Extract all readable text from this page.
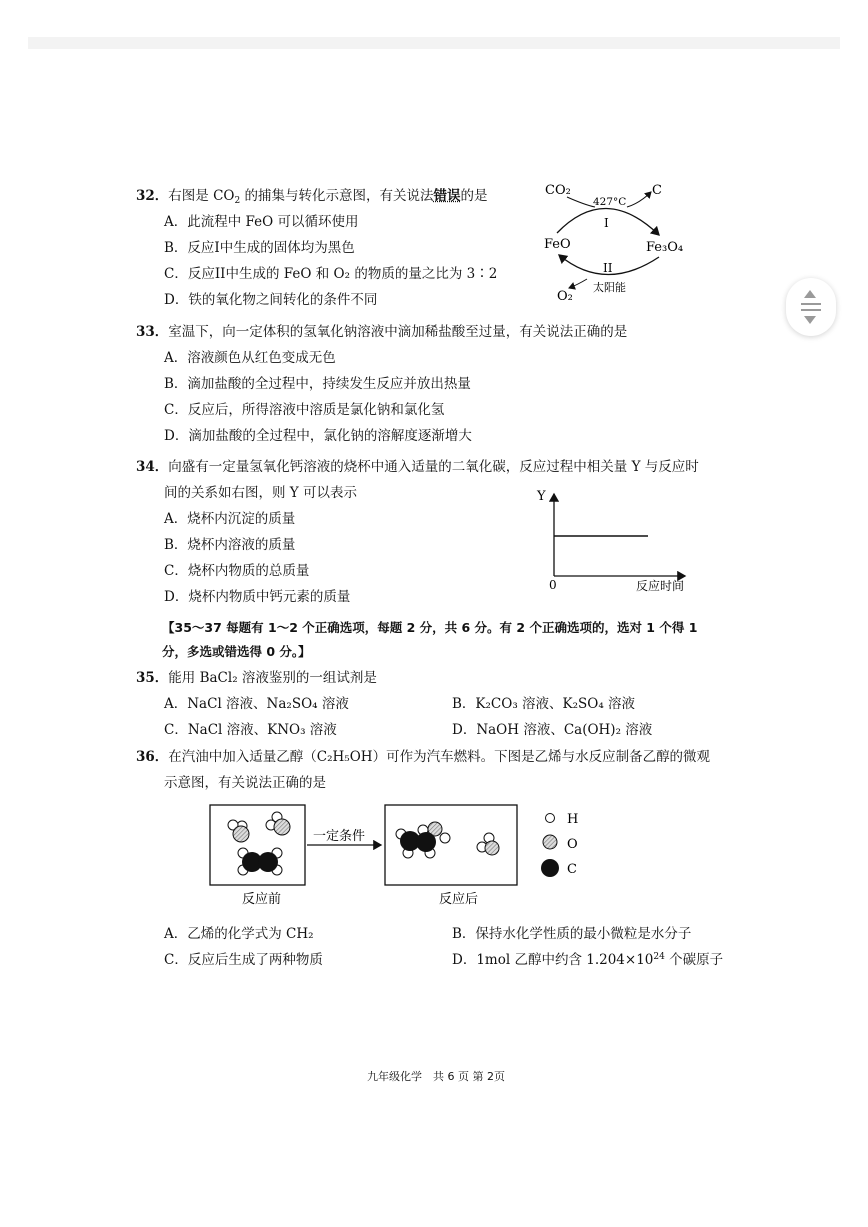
32．右图是 $CO_2$ 的捕集与转化示意图，有关说法错误的是
A．此流程中 FeO 可以循环使用
B．反应I中生成的固体均为黑色
C．反应II中生成的 FeO 和 O₂ 的物质的量之比为 3∶2
D．铁的氧化物之间转化的条件不同
CO₂	C
427°C
I
FeO	Fe₃O₄
II
O₂
太阳能
33．室温下，向一定体积的氢氧化钠溶液中滴加稀盐酸至过量，有关说法正确的是
A．溶液颜色从红色变成无色
B．滴加盐酸的全过程中，持续发生反应并放出热量
C．反应后，所得溶液中溶质是氯化钠和氯化氢
D．滴加盐酸的全过程中，氯化钠的溶解度逐渐增大
34．向盛有一定量氢氧化钙溶液的烧杯中通入适量的二氧化碳，反应过程中相关量 Y 与反应时
间的关系如右图，则 Y 可以表示
A．烧杯内沉淀的质量
B．烧杯内溶液的质量
C．烧杯内物质的总质量
D．烧杯内物质中钙元素的质量
Y
0	反应时间
【35～37 每题有 1～2 个正确选项，每题 2 分，共 6 分。有 2 个正确选项的，选对 1 个得 1
分，多选或错选得 0 分。】
35．能用 BaCl₂ 溶液鉴别的一组试剂是
A．NaCl 溶液、Na₂SO₄ 溶液	B．K₂CO₃ 溶液、K₂SO₄ 溶液
C．NaCl 溶液、KNO₃ 溶液	D．NaOH 溶液、Ca(OH)₂ 溶液
36．在汽油中加入适量乙醇（C₂H₅OH）可作为汽车燃料。下图是乙烯与水反应制备乙醇的微观
示意图，有关说法正确的是
一定条件
反应前	反应后
H
O
C
A．乙烯的化学式为 CH₂	B．保持水化学性质的最小微粒是水分子
C．反应后生成了两种物质	D．1mol 乙醇中约含 $1.204\times 10^{24}$ 个碳原子
九年级化学　共 6 页 第 2页
